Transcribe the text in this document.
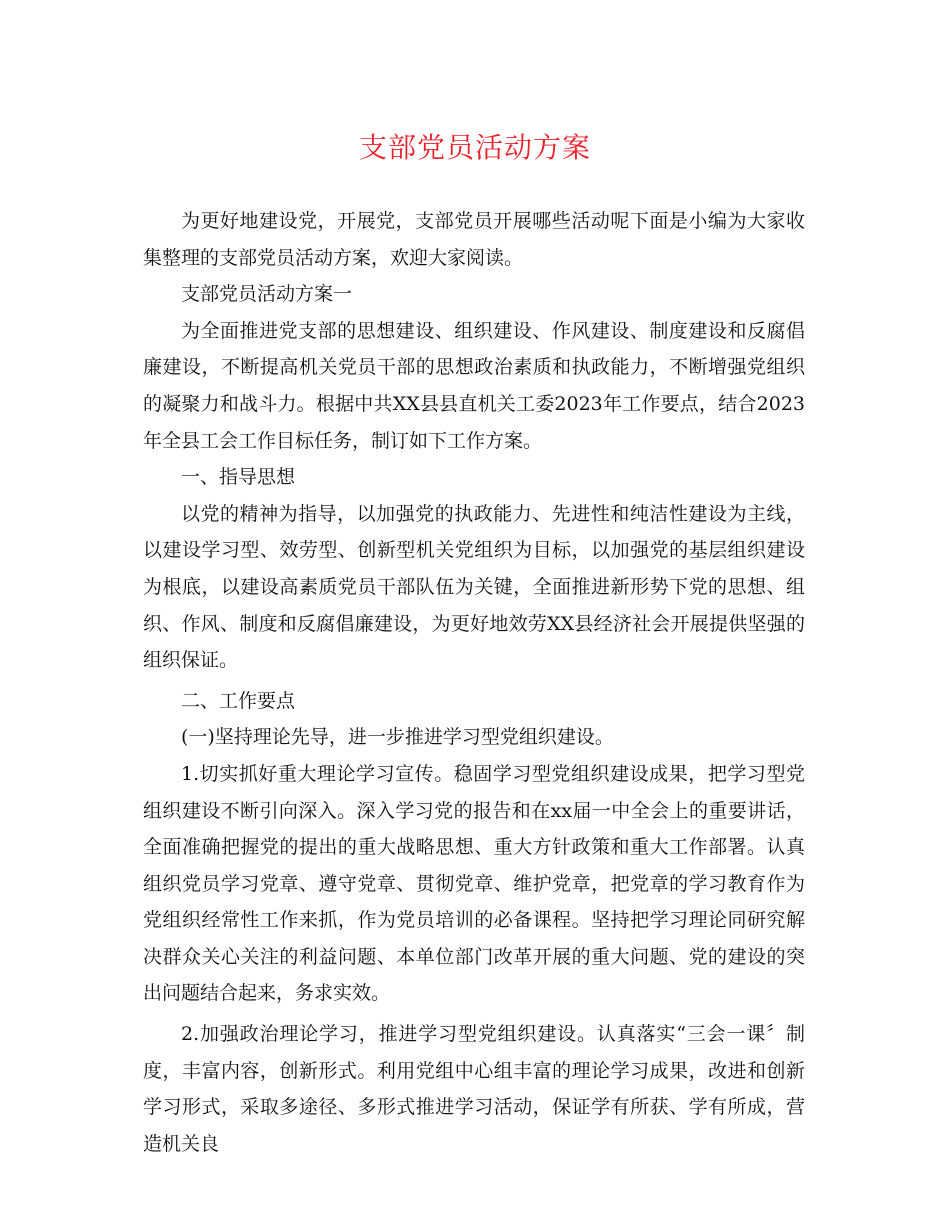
支部党员活动方案

为更好地建设党，开展党，支部党员开展哪些活动呢下面是小编为大家收集整理的支部党员活动方案，欢迎大家阅读。

支部党员活动方案一

为全面推进党支部的思想建设、组织建设、作风建设、制度建设和反腐倡廉建设，不断提高机关党员干部的思想政治素质和执政能力，不断增强党组织的凝聚力和战斗力。根据中共XX县县直机关工委2023年工作要点，结合2023年全县工会工作目标任务，制订如下工作方案。

一、指导思想

以党的精神为指导，以加强党的执政能力、先进性和纯洁性建设为主线，以建设学习型、效劳型、创新型机关党组织为目标，以加强党的基层组织建设为根底，以建设高素质党员干部队伍为关键，全面推进新形势下党的思想、组织、作风、制度和反腐倡廉建设，为更好地效劳XX县经济社会开展提供坚强的组织保证。

二、工作要点

(一)坚持理论先导，进一步推进学习型党组织建设。

1.切实抓好重大理论学习宣传。稳固学习型党组织建设成果，把学习型党组织建设不断引向深入。深入学习党的报告和在xx届一中全会上的重要讲话，全面准确把握党的提出的重大战略思想、重大方针政策和重大工作部署。认真组织党员学习党章、遵守党章、贯彻党章、维护党章，把党章的学习教育作为党组织经常性工作来抓，作为党员培训的必备课程。坚持把学习理论同研究解决群众关心关注的利益问题、本单位部门改革开展的重大问题、党的建设的突出问题结合起来，务求实效。

2.加强政治理论学习，推进学习型党组织建设。认真落实“三会一课〞制度，丰富内容，创新形式。利用党组中心组丰富的理论学习成果，改进和创新学习形式，采取多途径、多形式推进学习活动，保证学有所获、学有所成，营造机关良
